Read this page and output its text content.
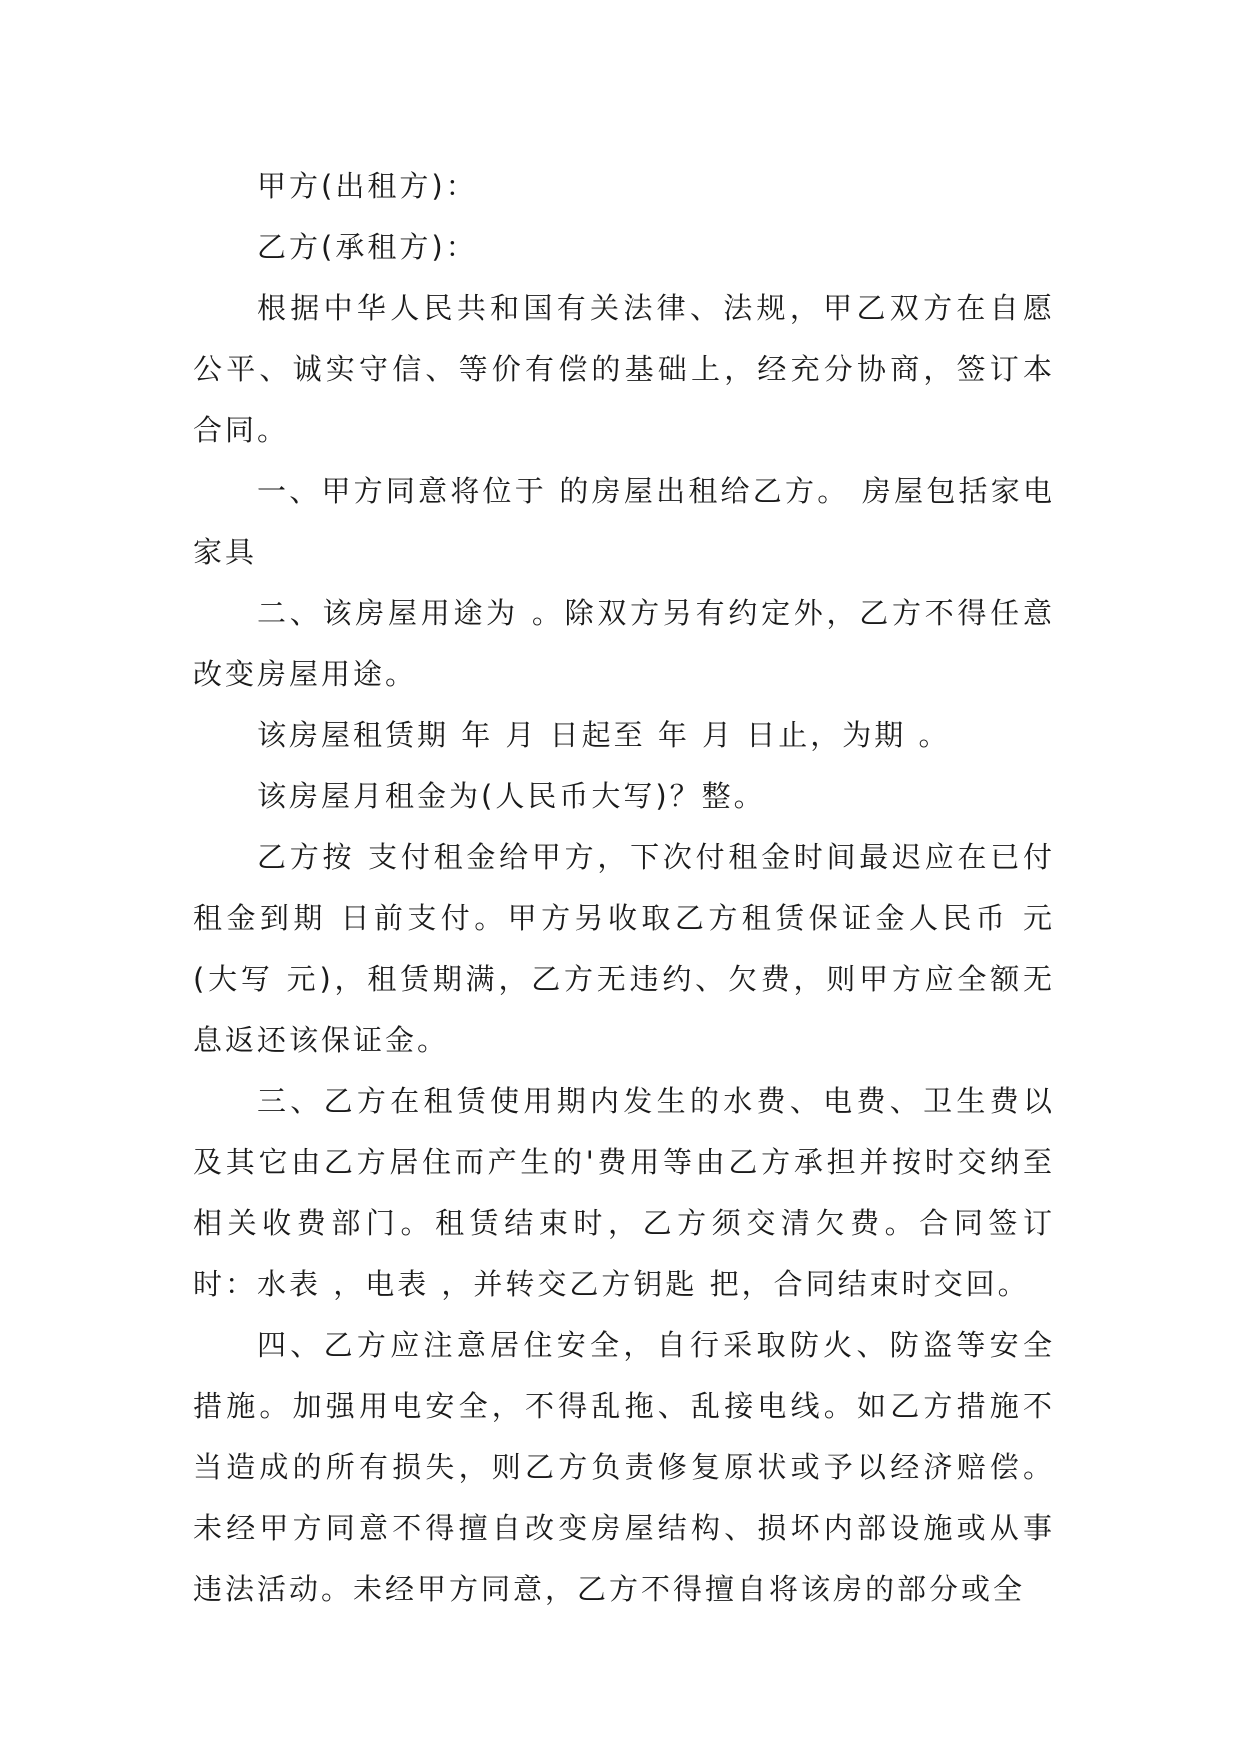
甲方(出租方)：

乙方(承租方)：

根据中华人民共和国有关法律、法规，甲乙双方在自愿公平、诚实守信、等价有偿的基础上，经充分协商，签订本合同。

一、甲方同意将位于 的房屋出租给乙方。 房屋包括家电家具

二、该房屋用途为 。除双方另有约定外，乙方不得任意改变房屋用途。

该房屋租赁期 年 月 日起至 年 月 日止，为期 。

该房屋月租金为(人民币大写)？整。

乙方按 支付租金给甲方，下次付租金时间最迟应在已付租金到期 日前支付。甲方另收取乙方租赁保证金人民币 元(大写 元)，租赁期满，乙方无违约、欠费，则甲方应全额无息返还该保证金。

三、乙方在租赁使用期内发生的水费、电费、卫生费以及其它由乙方居住而产生的'费用等由乙方承担并按时交纳至相关收费部门。租赁结束时，乙方须交清欠费。合同签订时：水表 ，电表 ，并转交乙方钥匙 把，合同结束时交回。

四、乙方应注意居住安全，自行采取防火、防盗等安全措施。加强用电安全，不得乱拖、乱接电线。如乙方措施不当造成的所有损失，则乙方负责修复原状或予以经济赔偿。未经甲方同意不得擅自改变房屋结构、损坏内部设施或从事违法活动。未经甲方同意，乙方不得擅自将该房的部分或全
